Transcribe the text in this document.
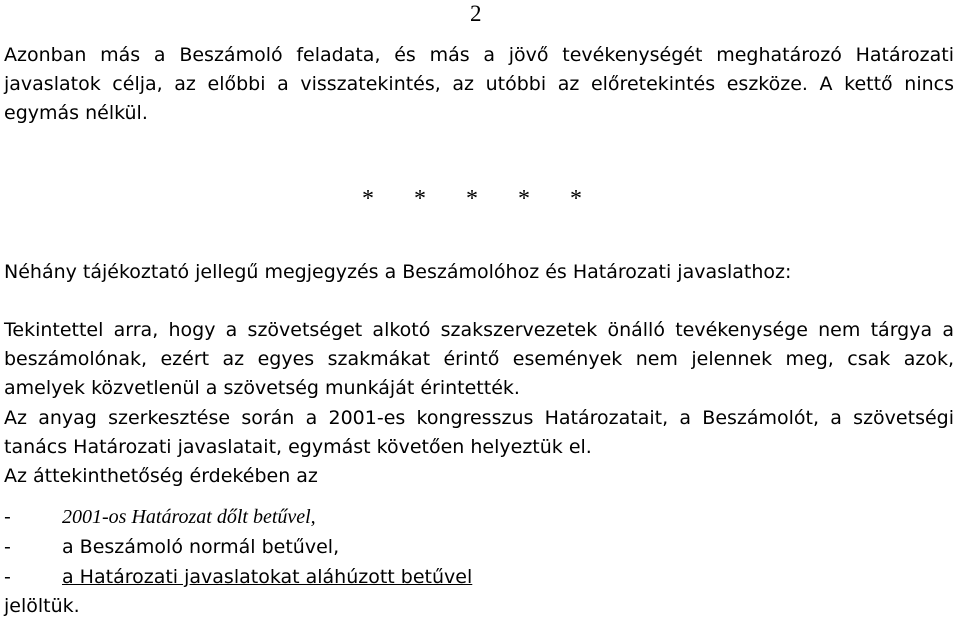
2
Azonban más a Beszámoló feladata, és más a jövő tevékenységét meghatározó Határozati javaslatok célja, az előbbi a visszatekintés, az utóbbi az előretekintés eszköze. A kettő nincs egymás nélkül.
* * * * *
Néhány tájékoztató jellegű megjegyzés a Beszámolóhoz és Határozati javaslathoz:
Tekintettel arra, hogy a szövetséget alkotó szakszervezetek önálló tevékenysége nem tárgya a beszámolónak, ezért az egyes szakmákat érintő események nem jelennek meg, csak azok, amelyek közvetlenül a szövetség munkáját érintették.
Az anyag szerkesztése során a 2001-es kongresszus Határozatait, a Beszámolót, a szövetségi tanács Határozati javaslatait, egymást követően helyeztük el.
Az áttekinthetőség érdekében az
-	2001-os Határozat dőlt betűvel,
-	a Beszámoló normál betűvel,
-	a Határozati javaslatokat aláhúzott betűvel
jelöltük.
